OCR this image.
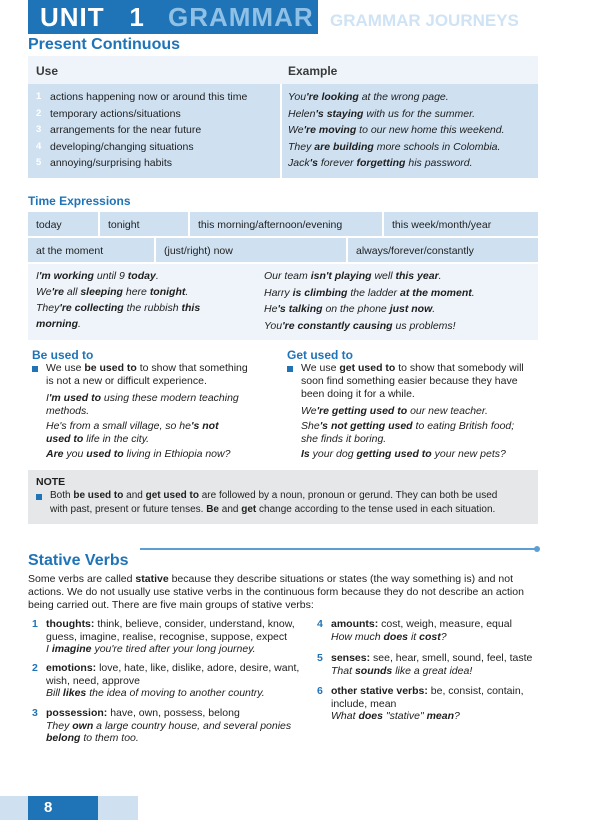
UNIT 1 GRAMMAR GRAMMAR JOURNEYS
Present Continuous
Use	Example
1 actions happening now or around this time	You're looking at the wrong page.
2 temporary actions/situations	Helen's staying with us for the summer.
3 arrangements for the near future	We're moving to our new home this weekend.
4 developing/changing situations	They are building more schools in Colombia.
5 annoying/surprising habits	Jack's forever forgetting his password.
Time Expressions
today	tonight	this morning/afternoon/evening	this week/month/year
at the moment	(just/right) now	always/forever/constantly
I'm working until 9 today.
We're all sleeping here tonight.
They're collecting the rubbish this
morning.
Our team isn't playing well this year.
Harry is climbing the ladder at the moment.
He's talking on the phone just now.
You're constantly causing us problems!
Be used to	Get used to
We use be used to to show that something
is not a new or difficult experience.
I'm used to using these modern teaching
methods.
He's from a small village, so he's not
used to life in the city.
Are you used to living in Ethiopia now?
We use get used to to show that somebody will
soon find something easier because they have
been doing it for a while.
We're getting used to our new teacher.
She's not getting used to eating British food;
she finds it boring.
Is your dog getting used to your new pets?
NOTE
Both be used to and get used to are followed by a noun, pronoun or gerund. They can both be used
with past, present or future tenses. Be and get change according to the tense used in each situation.
Stative Verbs
Some verbs are called stative because they describe situations or states (the way something is) and not
actions. We do not usually use stative verbs in the continuous form because they do not describe an action
being carried out. There are five main groups of stative verbs:
1 thoughts: think, believe, consider, understand, know,
guess, imagine, realise, recognise, suppose, expect
I imagine you're tired after your long journey.
2 emotions: love, hate, like, dislike, adore, desire, want,
wish, need, approve
Bill likes the idea of moving to another country.
3 possession: have, own, possess, belong
They own a large country house, and several ponies
belong to them too.
4 amounts: cost, weigh, measure, equal
How much does it cost?
5 senses: see, hear, smell, sound, feel, taste
That sounds like a great idea!
6 other stative verbs: be, consist, contain,
include, mean
What does "stative" mean?
8
